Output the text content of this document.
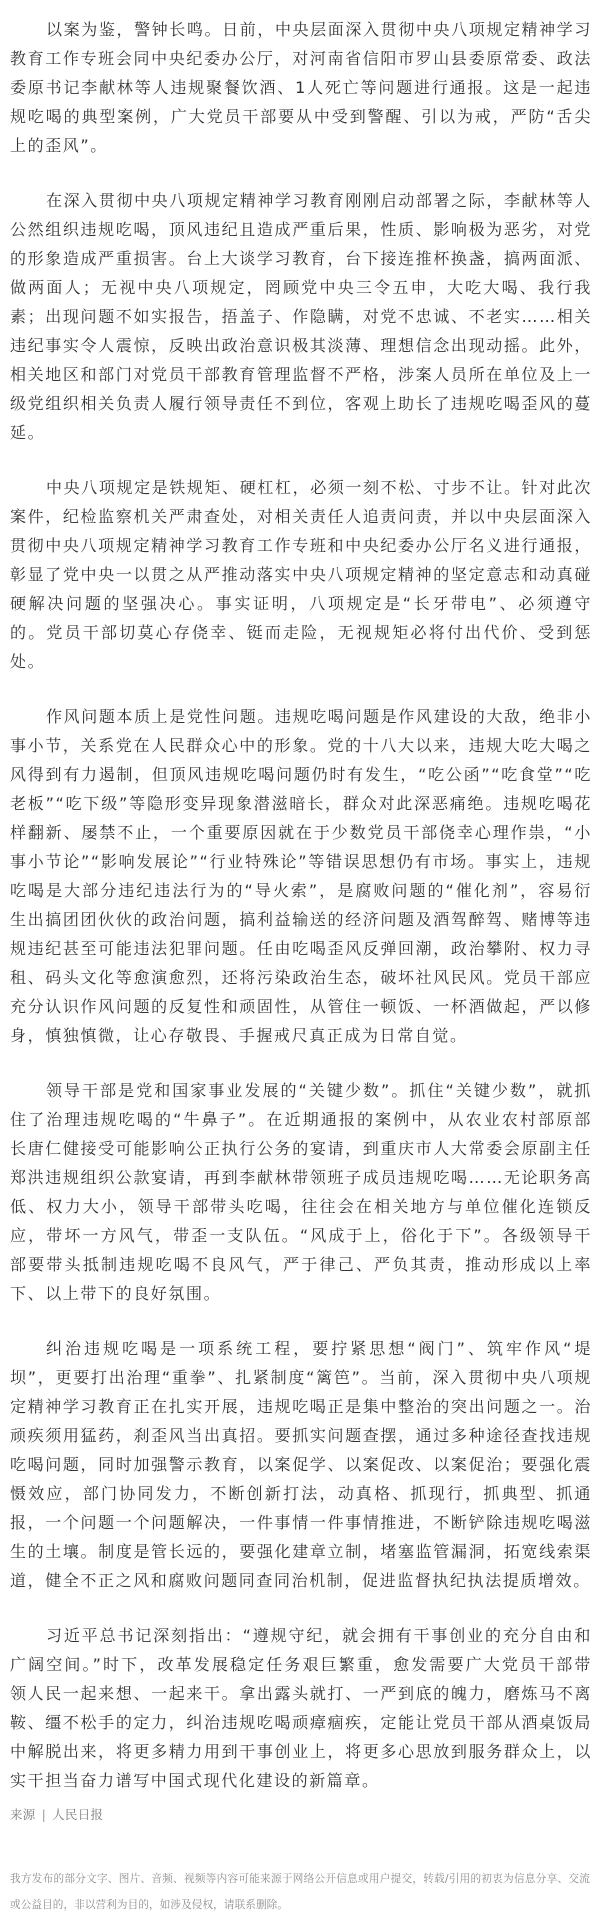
以案为鉴，警钟长鸣。日前，中央层面深入贯彻中央八项规定精神学习教育工作专班会同中央纪委办公厅，对河南省信阳市罗山县委原常委、政法委原书记李献林等人违规聚餐饮酒、1人死亡等问题进行通报。这是一起违规吃喝的典型案例，广大党员干部要从中受到警醒、引以为戒，严防“舌尖上的歪风”。

在深入贯彻中央八项规定精神学习教育刚刚启动部署之际，李献林等人公然组织违规吃喝，顶风违纪且造成严重后果，性质、影响极为恶劣，对党的形象造成严重损害。台上大谈学习教育，台下接连推杯换盏，搞两面派、做两面人；无视中央八项规定，罔顾党中央三令五申，大吃大喝、我行我素；出现问题不如实报告，捂盖子、作隐瞒，对党不忠诚、不老实……相关违纪事实令人震惊，反映出政治意识极其淡薄、理想信念出现动摇。此外，相关地区和部门对党员干部教育管理监督不严格，涉案人员所在单位及上一级党组织相关负责人履行领导责任不到位，客观上助长了违规吃喝歪风的蔓延。

中央八项规定是铁规矩、硬杠杠，必须一刻不松、寸步不让。针对此次案件，纪检监察机关严肃查处，对相关责任人追责问责，并以中央层面深入贯彻中央八项规定精神学习教育工作专班和中央纪委办公厅名义进行通报，彰显了党中央一以贯之从严推动落实中央八项规定精神的坚定意志和动真碰硬解决问题的坚强决心。事实证明，八项规定是“长牙带电”、必须遵守的。党员干部切莫心存侥幸、铤而走险，无视规矩必将付出代价、受到惩处。

作风问题本质上是党性问题。违规吃喝问题是作风建设的大敌，绝非小事小节，关系党在人民群众心中的形象。党的十八大以来，违规大吃大喝之风得到有力遏制，但顶风违规吃喝问题仍时有发生，“吃公函”“吃食堂”“吃老板”“吃下级”等隐形变异现象潜滋暗长，群众对此深恶痛绝。违规吃喝花样翻新、屡禁不止，一个重要原因就在于少数党员干部侥幸心理作祟，“小事小节论”“影响发展论”“行业特殊论”等错误思想仍有市场。事实上，违规吃喝是大部分违纪违法行为的“导火索”，是腐败问题的“催化剂”，容易衍生出搞团团伙伙的政治问题，搞利益输送的经济问题及酒驾醉驾、赌博等违规违纪甚至可能违法犯罪问题。任由吃喝歪风反弹回潮，政治攀附、权力寻租、码头文化等愈演愈烈，还将污染政治生态，破坏社风民风。党员干部应充分认识作风问题的反复性和顽固性，从管住一顿饭、一杯酒做起，严以修身，慎独慎微，让心存敬畏、手握戒尺真正成为日常自觉。

领导干部是党和国家事业发展的“关键少数”。抓住“关键少数”，就抓住了治理违规吃喝的“牛鼻子”。在近期通报的案例中，从农业农村部原部长唐仁健接受可能影响公正执行公务的宴请，到重庆市人大常委会原副主任郑洪违规组织公款宴请，再到李献林带领班子成员违规吃喝……无论职务高低、权力大小，领导干部带头吃喝，往往会在相关地方与单位催化连锁反应，带坏一方风气，带歪一支队伍。“风成于上，俗化于下”。各级领导干部要带头抵制违规吃喝不良风气，严于律己、严负其责，推动形成以上率下、以上带下的良好氛围。

纠治违规吃喝是一项系统工程，要拧紧思想“阀门”、筑牢作风“堤坝”，更要打出治理“重拳”、扎紧制度“篱笆”。当前，深入贯彻中央八项规定精神学习教育正在扎实开展，违规吃喝正是集中整治的突出问题之一。治顽疾须用猛药，刹歪风当出真招。要抓实问题查摆，通过多种途径查找违规吃喝问题，同时加强警示教育，以案促学、以案促改、以案促治；要强化震慑效应，部门协同发力，不断创新打法，动真格、抓现行，抓典型、抓通报，一个问题一个问题解决，一件事情一件事情推进，不断铲除违规吃喝滋生的土壤。制度是管长远的，要强化建章立制，堵塞监管漏洞，拓宽线索渠道，健全不正之风和腐败问题同查同治机制，促进监督执纪执法提质增效。

习近平总书记深刻指出：“遵规守纪，就会拥有干事创业的充分自由和广阔空间。”时下，改革发展稳定任务艰巨繁重，愈发需要广大党员干部带领人民一起来想、一起来干。拿出露头就打、一严到底的魄力，磨炼马不离鞍、缰不松手的定力，纠治违规吃喝顽瘴痼疾，定能让党员干部从酒桌饭局中解脱出来，将更多精力用到干事创业上，将更多心思放到服务群众上，以实干担当奋力谱写中国式现代化建设的新篇章。

来源 | 人民日报
我方发布的部分文字、图片、音频、视频等内容可能来源于网络公开信息或用户提交，转载/引用的初衷为信息分享、交流或公益目的，非以营利为目的，如涉及侵权，请联系删除。
